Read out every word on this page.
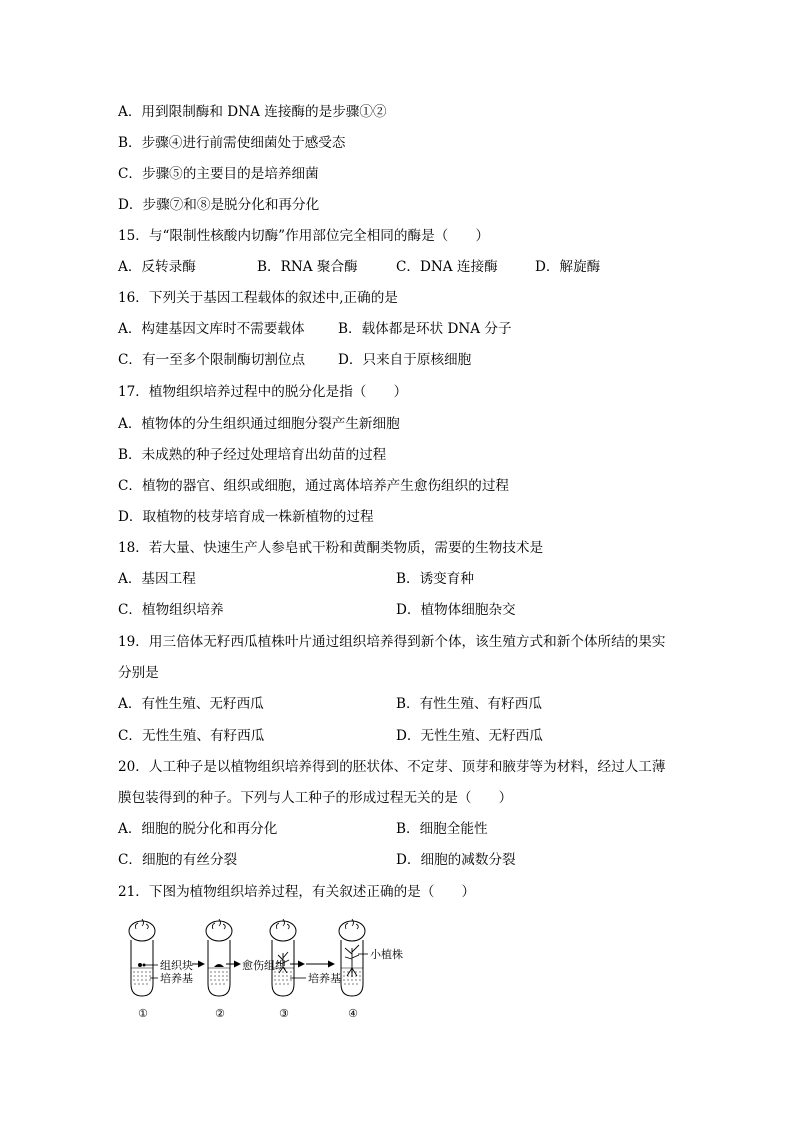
A．用到限制酶和 DNA 连接酶的是步骤①②
B．步骤④进行前需使细菌处于感受态
C．步骤⑤的主要目的是培养细菌
D．步骤⑦和⑧是脱分化和再分化
15．与“限制性核酸内切酶”作用部位完全相同的酶是（　　）
A．反转录酶	B．RNA 聚合酶	C．DNA 连接酶	D．解旋酶
16．下列关于基因工程载体的叙述中,正确的是
A．构建基因文库时不需要载体 B．载体都是环状 DNA 分子
C．有一至多个限制酶切割位点 D．只来自于原核细胞
17．植物组织培养过程中的脱分化是指（　　）
A．植物体的分生组织通过细胞分裂产生新细胞
B．未成熟的种子经过处理培育出幼苗的过程
C．植物的器官、组织或细胞，通过离体培养产生愈伤组织的过程
D．取植物的枝芽培育成一株新植物的过程
18．若大量、快速生产人参皂甙干粉和黄酮类物质，需要的生物技术是
A．基因工程	B．诱变育种
C．植物组织培养	D．植物体细胞杂交
19．用三倍体无籽西瓜植株叶片通过组织培养得到新个体，该生殖方式和新个体所结的果实
分别是
A．有性生殖、无籽西瓜	B．有性生殖、有籽西瓜
C．无性生殖、有籽西瓜	D．无性生殖、无籽西瓜
20．人工种子是以植物组织培养得到的胚状体、不定芽、顶芽和腋芽等为材料，经过人工薄
膜包装得到的种子。下列与人工种子的形成过程无关的是（　　）
A．细胞的脱分化和再分化	B．细胞全能性
C．细胞的有丝分裂	D．细胞的减数分裂
21．下图为植物组织培养过程，有关叙述正确的是（　　）
组织块
培养基
①
愈伤组织
②
培养基
③
小植株
④
